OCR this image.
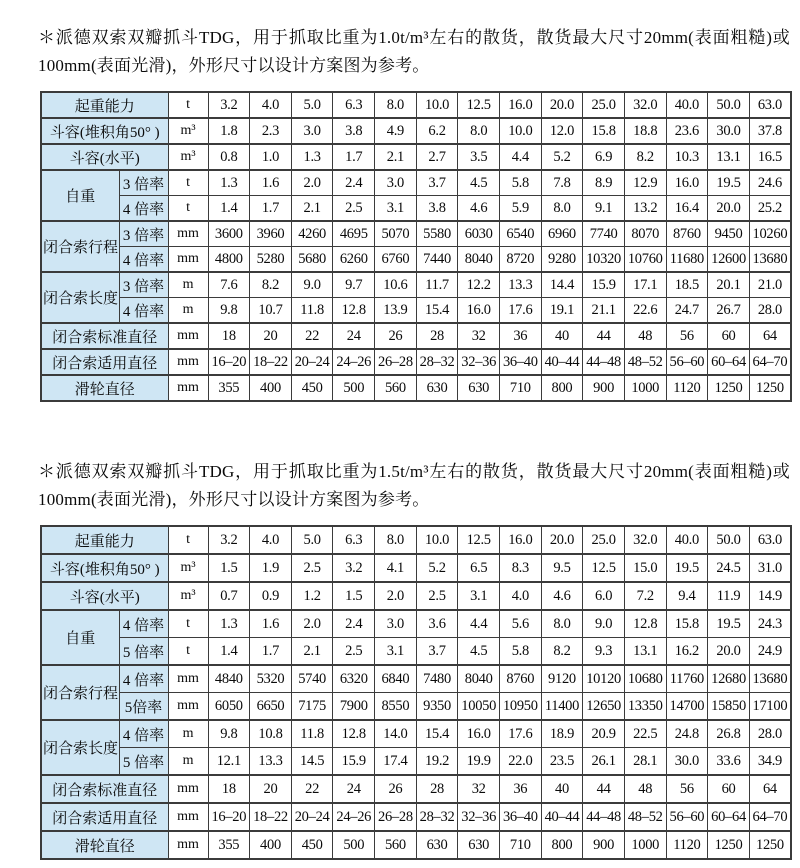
＊派德双索双瓣抓斗TDG，用于抓取比重为1.0t/m³左右的散货，散货最大尺寸20mm(表面粗糙)或100mm(表面光滑)，外形尺寸以设计方案图为参考。

起重能力		t	3.2	4.0	5.0	6.3	8.0	10.0	12.5	16.0	20.0	25.0	32.0	40.0	50.0	63.0
斗容(堆积角50° )		m³	1.8	2.3	3.0	3.8	4.9	6.2	8.0	10.0	12.0	15.8	18.8	23.6	30.0	37.8
斗容(水平)		m³	0.8	1.0	1.3	1.7	2.1	2.7	3.5	4.4	5.2	6.9	8.2	10.3	13.1	16.5
自重	3 倍率	t	1.3	1.6	2.0	2.4	3.0	3.7	4.5	5.8	7.8	8.9	12.9	16.0	19.5	24.6
	4 倍率	t	1.4	1.7	2.1	2.5	3.1	3.8	4.6	5.9	8.0	9.1	13.2	16.4	20.0	25.2
闭合索行程	3 倍率	mm	3600	3960	4260	4695	5070	5580	6030	6540	6960	7740	8070	8760	9450	10260
	4 倍率	mm	4800	5280	5680	6260	6760	7440	8040	8720	9280	10320	10760	11680	12600	13680
闭合索长度	3 倍率	m	7.6	8.2	9.0	9.7	10.6	11.7	12.2	13.3	14.4	15.9	17.1	18.5	20.1	21.0
	4 倍率	m	9.8	10.7	11.8	12.8	13.9	15.4	16.0	17.6	19.1	21.1	22.6	24.7	26.7	28.0
闭合索标准直径		mm	18	20	22	24	26	28	32	36	40	44	48	56	60	64
闭合索适用直径		mm	16–20	18–22	20–24	24–26	26–28	28–32	32–36	36–40	40–44	44–48	48–52	56–60	60–64	64–70
滑轮直径		mm	355	400	450	500	560	630	630	710	800	900	1000	1120	1250	1250

＊派德双索双瓣抓斗TDG，用于抓取比重为1.5t/m³左右的散货，散货最大尺寸20mm(表面粗糙)或100mm(表面光滑)，外形尺寸以设计方案图为参考。

起重能力		t	3.2	4.0	5.0	6.3	8.0	10.0	12.5	16.0	20.0	25.0	32.0	40.0	50.0	63.0
斗容(堆积角50° )		m³	1.5	1.9	2.5	3.2	4.1	5.2	6.5	8.3	9.5	12.5	15.0	19.5	24.5	31.0
斗容(水平)		m³	0.7	0.9	1.2	1.5	2.0	2.5	3.1	4.0	4.6	6.0	7.2	9.4	11.9	14.9
自重	4 倍率	t	1.3	1.6	2.0	2.4	3.0	3.6	4.4	5.6	8.0	9.0	12.8	15.8	19.5	24.3
	5 倍率	t	1.4	1.7	2.1	2.5	3.1	3.7	4.5	5.8	8.2	9.3	13.1	16.2	20.0	24.9
闭合索行程	4 倍率	mm	4840	5320	5740	6320	6840	7480	8040	8760	9120	10120	10680	11760	12680	13680
	5倍率	mm	6050	6650	7175	7900	8550	9350	10050	10950	11400	12650	13350	14700	15850	17100
闭合索长度	4 倍率	m	9.8	10.8	11.8	12.8	14.0	15.4	16.0	17.6	18.9	20.9	22.5	24.8	26.8	28.0
	5 倍率	m	12.1	13.3	14.5	15.9	17.4	19.2	19.9	22.0	23.5	26.1	28.1	30.0	33.6	34.9
闭合索标准直径		mm	18	20	22	24	26	28	32	36	40	44	48	56	60	64
闭合索适用直径		mm	16–20	18–22	20–24	24–26	26–28	28–32	32–36	36–40	40–44	44–48	48–52	56–60	60–64	64–70
滑轮直径		mm	355	400	450	500	560	630	630	710	800	900	1000	1120	1250	1250
